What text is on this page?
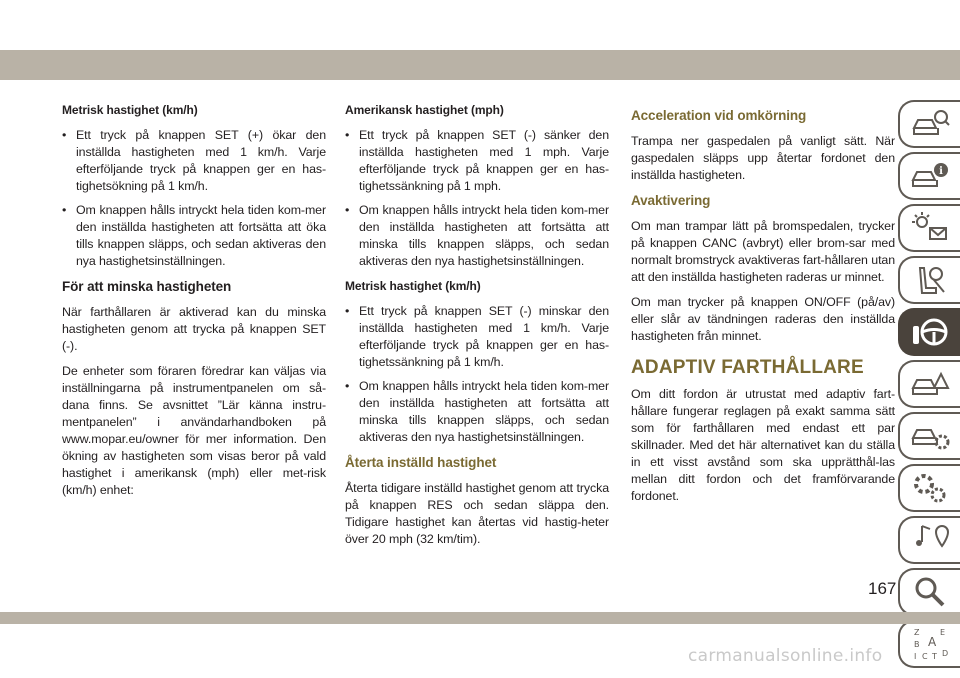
Metrisk hastighet (km/h)
• Ett tryck på knappen SET (+) ökar den inställda hastigheten med 1 km/h. Varje efterföljande tryck på knappen ger en has-tighetsökning på 1 km/h.
• Om knappen hålls intryckt hela tiden kom-mer den inställda hastigheten att fortsätta att öka tills knappen släpps, och sedan aktiveras den nya hastighetsinställningen.
För att minska hastigheten

När farthållaren är aktiverad kan du minska hastigheten genom att trycka på knappen SET (-).

De enheter som föraren föredrar kan väljas via inställningarna på instrumentpanelen om så-dana finns. Se avsnittet ”Lär känna instru-mentpanelen” i användarhandboken på www.mopar.eu/owner för mer information. Den ökning av hastigheten som visas beror på vald hastighet i amerikansk (mph) eller met-risk (km/h) enhet:

Amerikansk hastighet (mph)
• Ett tryck på knappen SET (-) sänker den inställda hastigheten med 1 mph. Varje efterföljande tryck på knappen ger en has-tighetssänkning på 1 mph.
• Om knappen hålls intryckt hela tiden kom-mer den inställda hastigheten att fortsätta att minska tills knappen släpps, och sedan aktiveras den nya hastighetsinställningen.
Metrisk hastighet (km/h)
• Ett tryck på knappen SET (-) minskar den inställda hastigheten med 1 km/h. Varje efterföljande tryck på knappen ger en has-tighetssänkning på 1 km/h.
• Om knappen hålls intryckt hela tiden kom-mer den inställda hastigheten att fortsätta att minska tills knappen släpps, och sedan aktiveras den nya hastighetsinställningen.
Återta inställd hastighet

Återta tidigare inställd hastighet genom att trycka på knappen RES och sedan släppa den. Tidigare hastighet kan återtas vid hastig-heter över 20 mph (32 km/tim).

Acceleration vid omkörning

Trampa ner gaspedalen på vanligt sätt. När gaspedalen släpps upp återtar fordonet den inställda hastigheten.

Avaktivering

Om man trampar lätt på bromspedalen, trycker på knappen CANC (avbryt) eller brom-sar med normalt bromstryck avaktiveras fart-hållaren utan att den inställda hastigheten raderas ur minnet.

Om man trycker på knappen ON/OFF (på/av) eller slår av tändningen raderas den inställda hastigheten från minnet.

ADAPTIV FARTHÅLLARE

Om ditt fordon är utrustat med adaptiv fart-hållare fungerar reglagen på exakt samma sätt som för farthållaren med endast ett par skillnader. Med det här alternativet kan du ställa in ett visst avstånd som ska upprätthål-las mellan ditt fordon och det framförvarande fordonet.

i
Z	E
B A
I C T D
167
carmanualsonline.info
